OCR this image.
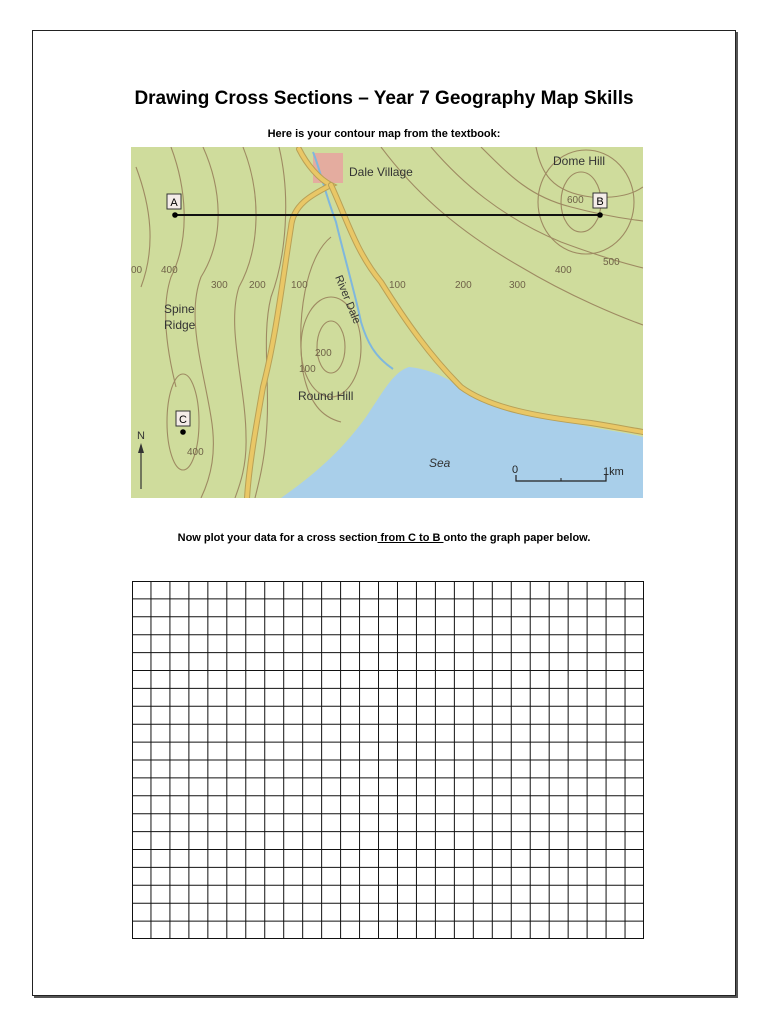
Drawing Cross Sections – Year 7 Geography Map Skills
Here is your contour map from the textbook:
A	B
C
Dale Village
Dome Hill
Spine
Ridge	River Dale
Round Hill
Sea
00 400
300 200	100	100	200	300
400
500
600
200
100
400
N
0	1km
Now plot your data for a cross section from C to B onto the graph paper below.
